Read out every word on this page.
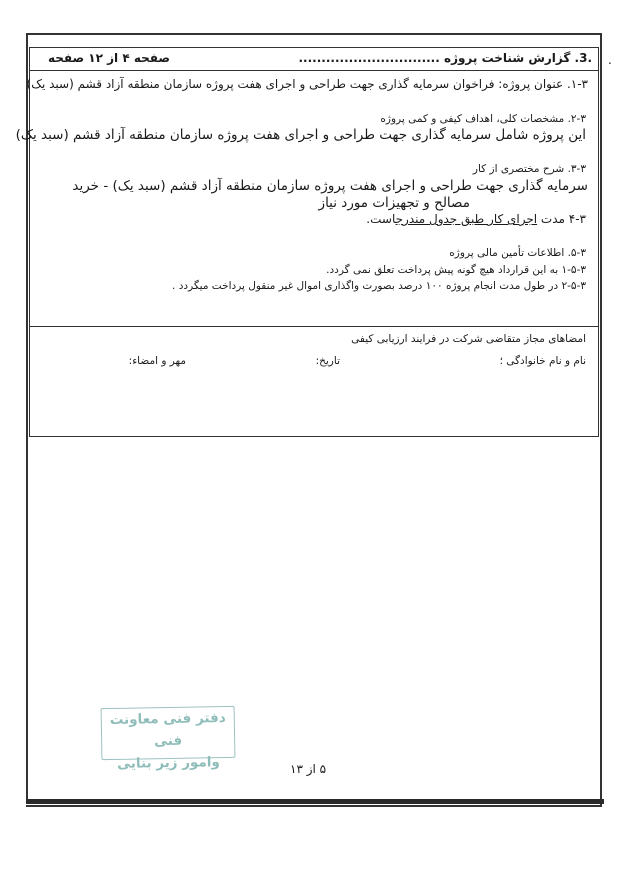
.
.3. گزارش شناخت پروژه ...............................
صفحه ۴ از ۱۲ صفحه
۱-۳. عنوان پروژه: فراخوان سرمایه گذاری جهت طراحی و اجرای هفت پروژه سازمان منطقه آزاد قشم (سبد یک)
۲-۳. مشخصات کلی، اهداف کیفی و کمی پروژه
این پروژه شامل سرمایه گذاری جهت طراحی و اجرای هفت پروژه سازمان منطقه آزاد قشم (سبد یک)
۳-۳. شرح مختصری از کار
سرمایه گذاری جهت طراحی و اجرای هفت پروژه سازمان منطقه آزاد قشم (سبد یک) - خرید
مصالح و تجهیزات مورد نیاز
۴-۳ مدت اجرای کار طبق جدول مندرجاست.
۵-۳. اطلاعات تأمین مالی پروژه
۱-۵-۳ به این قرارداد هیچ گونه پیش پرداخت تعلق نمی گردد.
۲-۵-۳ در طول مدت انجام پروژه ۱۰۰ درصد بصورت واگذاری اموال غیر منقول پرداخت میگردد .
امضاهای مجاز متقاضی شرکت در فرایند ارزیابی کیفی
نام و نام خانوادگی ؛
تاریخ:
مهر و امضاء:
دفتر فنی معاونت فنی
وامور زیر بنایی	۵ از ۱۳
